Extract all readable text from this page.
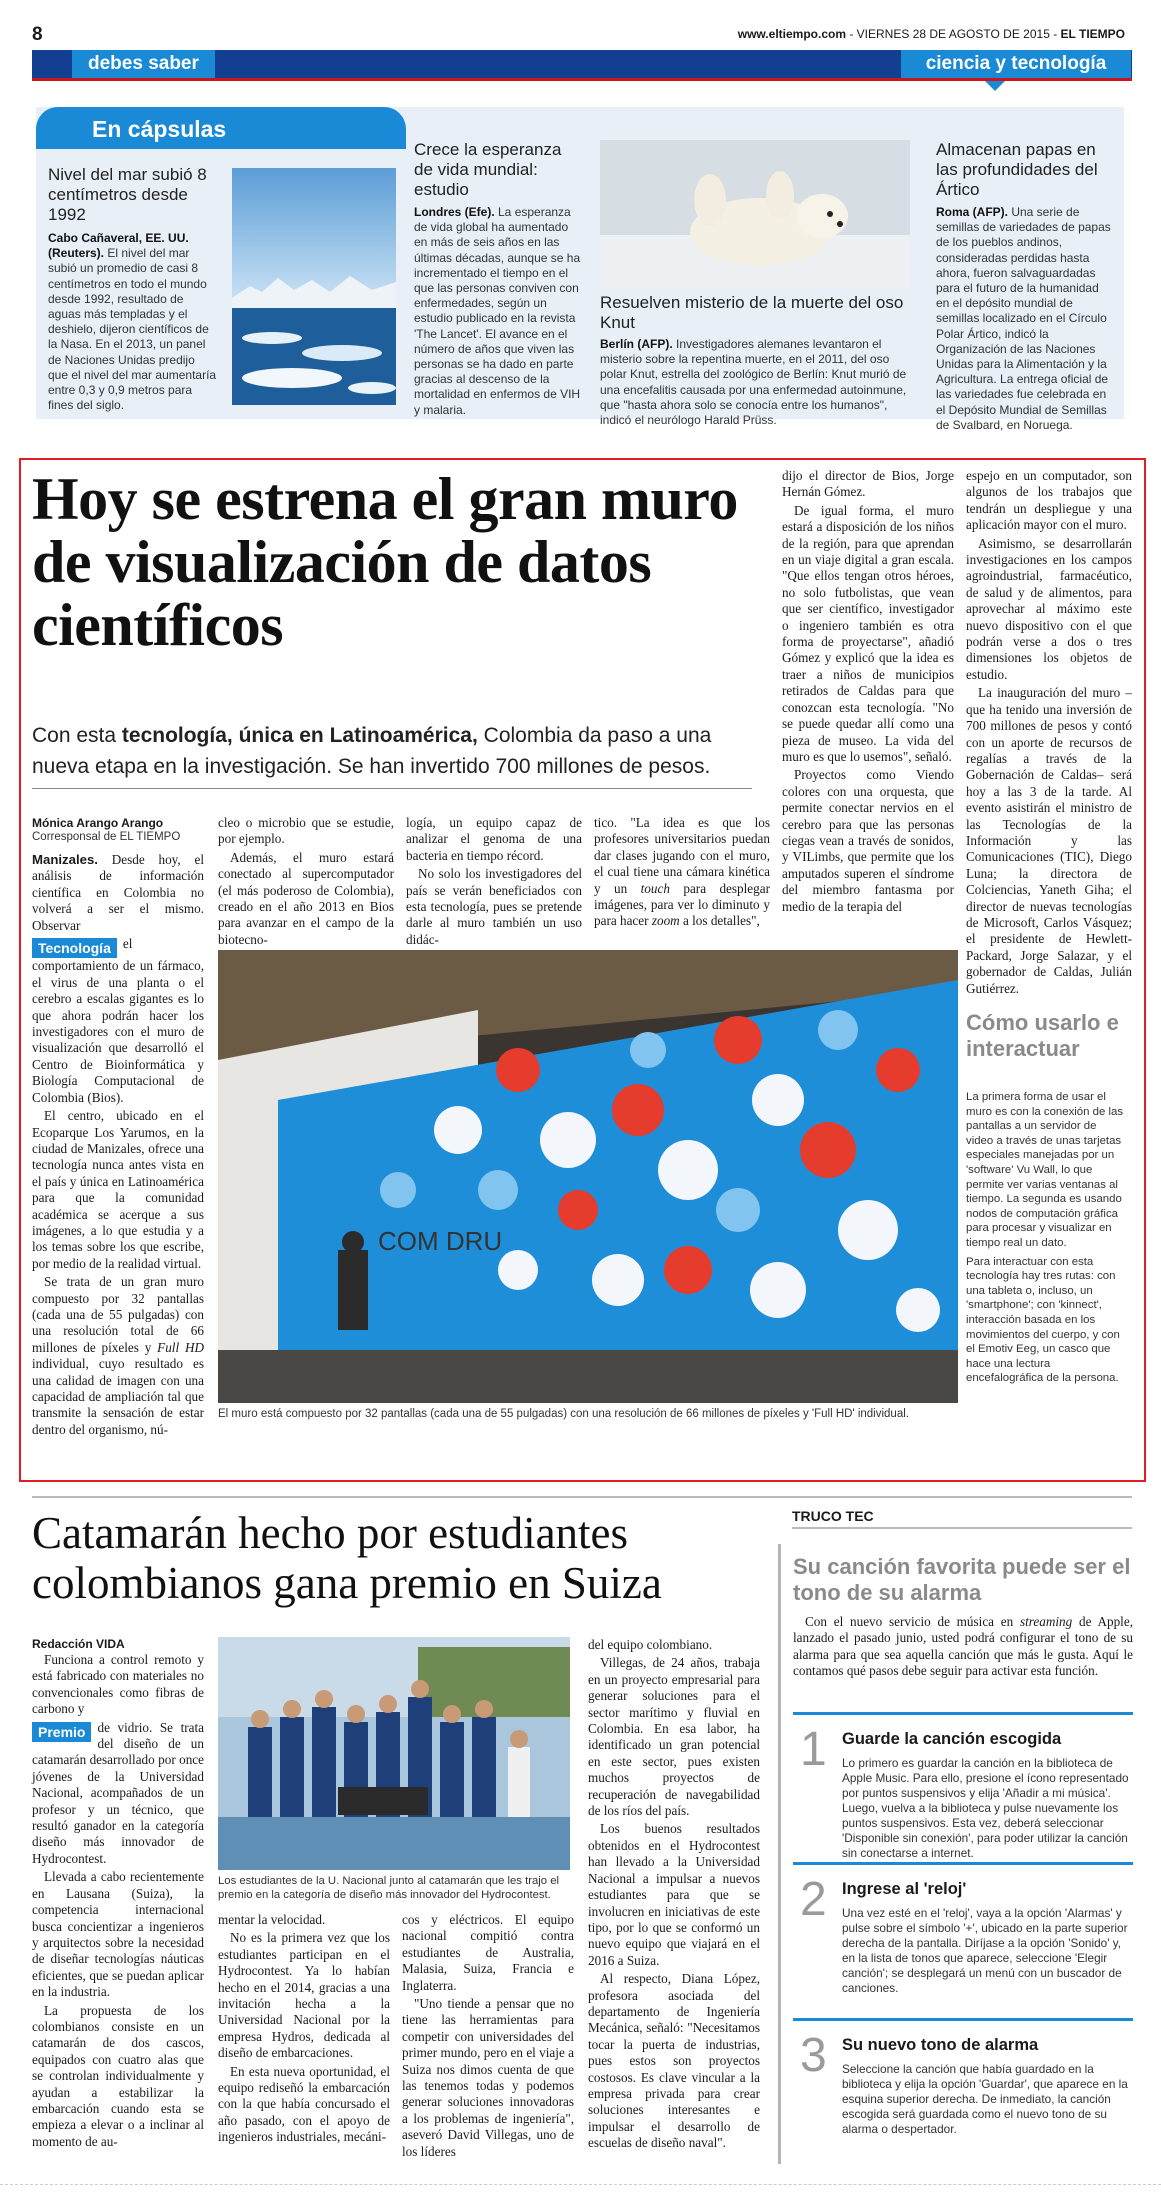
8	www.eltiempo.com - VIERNES 28 DE AGOSTO DE 2015 - EL TIEMPO
debes saber	ciencia y tecnología
En cápsulas
Nivel del mar subió 8 centímetros desde 1992
Cabo Cañaveral, EE. UU. (Reuters). El nivel del mar subió un promedio de casi 8 centímetros en todo el mundo desde 1992, resultado de aguas más templadas y el deshielo, dijeron científicos de la Nasa. En el 2013, un panel de Naciones Unidas predijo que el nivel del mar aumentaría entre 0,3 y 0,9 metros para fines del siglo.
Crece la esperanza de vida mundial: estudio
Londres (Efe). La esperanza de vida global ha aumentado en más de seis años en las últimas décadas, aunque se ha incrementado el tiempo en el que las personas conviven con enfermedades, según un estudio publicado en la revista 'The Lancet'. El avance en el número de años que viven las personas se ha dado en parte gracias al descenso de la mortalidad en enfermos de VIH y malaria.
Resuelven misterio de la muerte del oso Knut
Berlín (AFP). Investigadores alemanes levantaron el misterio sobre la repentina muerte, en el 2011, del oso polar Knut, estrella del zoológico de Berlín: Knut murió de una encefalitis causada por una enfermedad autoinmune, que "hasta ahora solo se conocía entre los humanos", indicó el neurólogo Harald Prüss.
Almacenan papas en las profundidades del Ártico
Roma (AFP). Una serie de semillas de variedades de papas de los pueblos andinos, consideradas perdidas hasta ahora, fueron salvaguardadas para el futuro de la humanidad en el depósito mundial de semillas localizado en el Círculo Polar Ártico, indicó la Organización de las Naciones Unidas para la Alimentación y la Agricultura. La entrega oficial de las variedades fue celebrada en el Depósito Mundial de Semillas de Svalbard, en Noruega.
Hoy se estrena el gran muro de visualización de datos científicos
Con esta tecnología, única en Latinoamérica, Colombia da paso a una nueva etapa en la investigación. Se han invertido 700 millones de pesos.
Mónica Arango Arango
Corresponsal de EL TIEMPO

Manizales. Desde hoy, el análisis de información científica en Colombia no volverá a ser el mismo. Observar

Tecnología el comportamiento de un fármaco, el virus de una planta o el cerebro a escalas gigantes es lo que ahora podrán hacer los investigadores con el muro de visualización que desarrolló el Centro de Bioinformática y Biología Computacional de Colombia (Bios).

El centro, ubicado en el Ecoparque Los Yarumos, en la ciudad de Manizales, ofrece una tecnología nunca antes vista en el país y única en Latinoamérica para que la comunidad académica se acerque a sus imágenes, a lo que estudia y a los temas sobre los que escribe, por medio de la realidad virtual.

Se trata de un gran muro compuesto por 32 pantallas (cada una de 55 pulgadas) con una resolución total de 66 millones de píxeles y Full HD individual, cuyo resultado es una calidad de imagen con una capacidad de ampliación tal que transmite la sensación de estar dentro del organismo, nú-

cleo o microbio que se estudie, por ejemplo.

Además, el muro estará conectado al supercomputador (el más poderoso de Colombia), creado en el año 2013 en Bios para avanzar en el campo de la biotecno-

logía, un equipo capaz de analizar el genoma de una bacteria en tiempo récord.

No solo los investigadores del país se verán beneficiados con esta tecnología, pues se pretende darle al muro también un uso didác-

tico. "La idea es que los profesores universitarios puedan dar clases jugando con el muro, el cual tiene una cámara kinética y un touch para desplegar imágenes, para ver lo diminuto y para hacer zoom a los detalles",

dijo el director de Bios, Jorge Hernán Gómez.

De igual forma, el muro estará a disposición de los niños de la región, para que aprendan en un viaje digital a gran escala. "Que ellos tengan otros héroes, no solo futbolistas, que vean que ser científico, investigador o ingeniero también es otra forma de proyectarse", añadió Gómez y explicó que la idea es traer a niños de municipios retirados de Caldas para que conozcan esta tecnología. "No se puede quedar allí como una pieza de museo. La vida del muro es que lo usemos", señaló.

Proyectos como Viendo colores con una orquesta, que permite conectar nervios en el cerebro para que las personas ciegas vean a través de sonidos, y VILimbs, que permite que los amputados superen el síndrome del miembro fantasma por medio de la terapia del

espejo en un computador, son algunos de los trabajos que tendrán un despliegue y una aplicación mayor con el muro.

Asimismo, se desarrollarán investigaciones en los campos agroindustrial, farmacéutico, de salud y de alimentos, para aprovechar al máximo este nuevo dispositivo con el que podrán verse a dos o tres dimensiones los objetos de estudio.

La inauguración del muro –que ha tenido una inversión de 700 millones de pesos y contó con un aporte de recursos de regalías a través de la Gobernación de Caldas– será hoy a las 3 de la tarde. Al evento asistirán el ministro de las Tecnologías de la Información y las Comunicaciones (TIC), Diego Luna; la directora de Colciencias, Yaneth Giha; el director de nuevas tecnologías de Microsoft, Carlos Vásquez; el presidente de Hewlett-Packard, Jorge Salazar, y el gobernador de Caldas, Julián Gutiérrez.

COM DRU
El muro está compuesto por 32 pantallas (cada una de 55 pulgadas) con una resolución de 66 millones de píxeles y 'Full HD' individual.
Cómo usarlo e interactuar
La primera forma de usar el muro es con la conexión de las pantallas a un servidor de video a través de unas tarjetas especiales manejadas por un 'software' Vu Wall, lo que permite ver varias ventanas al tiempo. La segunda es usando nodos de computación gráfica para procesar y visualizar en tiempo real un dato.
Para interactuar con esta tecnología hay tres rutas: con una tableta o, incluso, un 'smartphone'; con 'kinnect', interacción basada en los movimientos del cuerpo, y con el Emotiv Eeg, un casco que hace una lectura encefalográfica de la persona.
Catamarán hecho por estudiantes colombianos gana premio en Suiza
Redacción VIDA

Funciona a control remoto y está fabricado con materiales no convencionales como fibras de carbono y

Premio de vidrio. Se trata del diseño de un catamarán desarrollado por once jóvenes de la Universidad Nacional, acompañados de un profesor y un técnico, que resultó ganador en la categoría diseño más innovador de Hydrocontest.

Llevada a cabo recientemente en Lausana (Suiza), la competencia internacional busca concientizar a ingenieros y arquitectos sobre la necesidad de diseñar tecnologías náuticas eficientes, que se puedan aplicar en la industria.

La propuesta de los colombianos consiste en un catamarán de dos cascos, equipados con cuatro alas que se controlan individualmente y ayudan a estabilizar la embarcación cuando esta se empieza a elevar o a inclinar al momento de au-

Los estudiantes de la U. Nacional junto al catamarán que les trajo el premio en la categoría de diseño más innovador del Hydrocontest.

mentar la velocidad.

No es la primera vez que los estudiantes participan en el Hydrocontest. Ya lo habían hecho en el 2014, gracias a una invitación hecha a la Universidad Nacional por la empresa Hydros, dedicada al diseño de embarcaciones.

En esta nueva oportunidad, el equipo rediseñó la embarcación con la que había concursado el año pasado, con el apoyo de ingenieros industriales, mecáni-

cos y eléctricos. El equipo nacional compitió contra estudiantes de Australia, Malasia, Suiza, Francia e Inglaterra.

"Uno tiende a pensar que no tiene las herramientas para competir con universidades del primer mundo, pero en el viaje a Suiza nos dimos cuenta de que las tenemos todas y podemos generar soluciones innovadoras a los problemas de ingeniería", aseveró David Villegas, uno de los líderes

del equipo colombiano.

Villegas, de 24 años, trabaja en un proyecto empresarial para generar soluciones para el sector marítimo y fluvial en Colombia. En esa labor, ha identificado un gran potencial en este sector, pues existen muchos proyectos de recuperación de navegabilidad de los ríos del país.

Los buenos resultados obtenidos en el Hydrocontest han llevado a la Universidad Nacional a impulsar a nuevos estudiantes para que se involucren en iniciativas de este tipo, por lo que se conformó un nuevo equipo que viajará en el 2016 a Suiza.

Al respecto, Diana López, profesora asociada del departamento de Ingeniería Mecánica, señaló: "Necesitamos tocar la puerta de industrias, pues estos son proyectos costosos. Es clave vincular a la empresa privada para crear soluciones interesantes e impulsar el desarrollo de escuelas de diseño naval".

TRUCO TEC
Su canción favorita puede ser el tono de su alarma

Con el nuevo servicio de música en streaming de Apple, lanzado el pasado junio, usted podrá configurar el tono de su alarma para que sea aquella canción que más le gusta. Aquí le contamos qué pasos debe seguir para activar esta función.

1 Guarde la canción escogida
Lo primero es guardar la canción en la biblioteca de Apple Music. Para ello, presione el ícono representado por puntos suspensivos y elija 'Añadir a mi música'. Luego, vuelva a la biblioteca y pulse nuevamente los puntos suspensivos. Esta vez, deberá seleccionar 'Disponible sin conexión', para poder utilizar la canción sin conectarse a internet.
2 Ingrese al 'reloj'
Una vez esté en el 'reloj', vaya a la opción 'Alarmas' y pulse sobre el símbolo '+', ubicado en la parte superior derecha de la pantalla. Diríjase a la opción 'Sonido' y, en la lista de tonos que aparece, seleccione 'Elegir canción'; se desplegará un menú con un buscador de canciones.
3 Su nuevo tono de alarma
Seleccione la canción que había guardado en la biblioteca y elija la opción 'Guardar', que aparece en la esquina superior derecha. De inmediato, la canción escogida será guardada como el nuevo tono de su alarma o despertador.
